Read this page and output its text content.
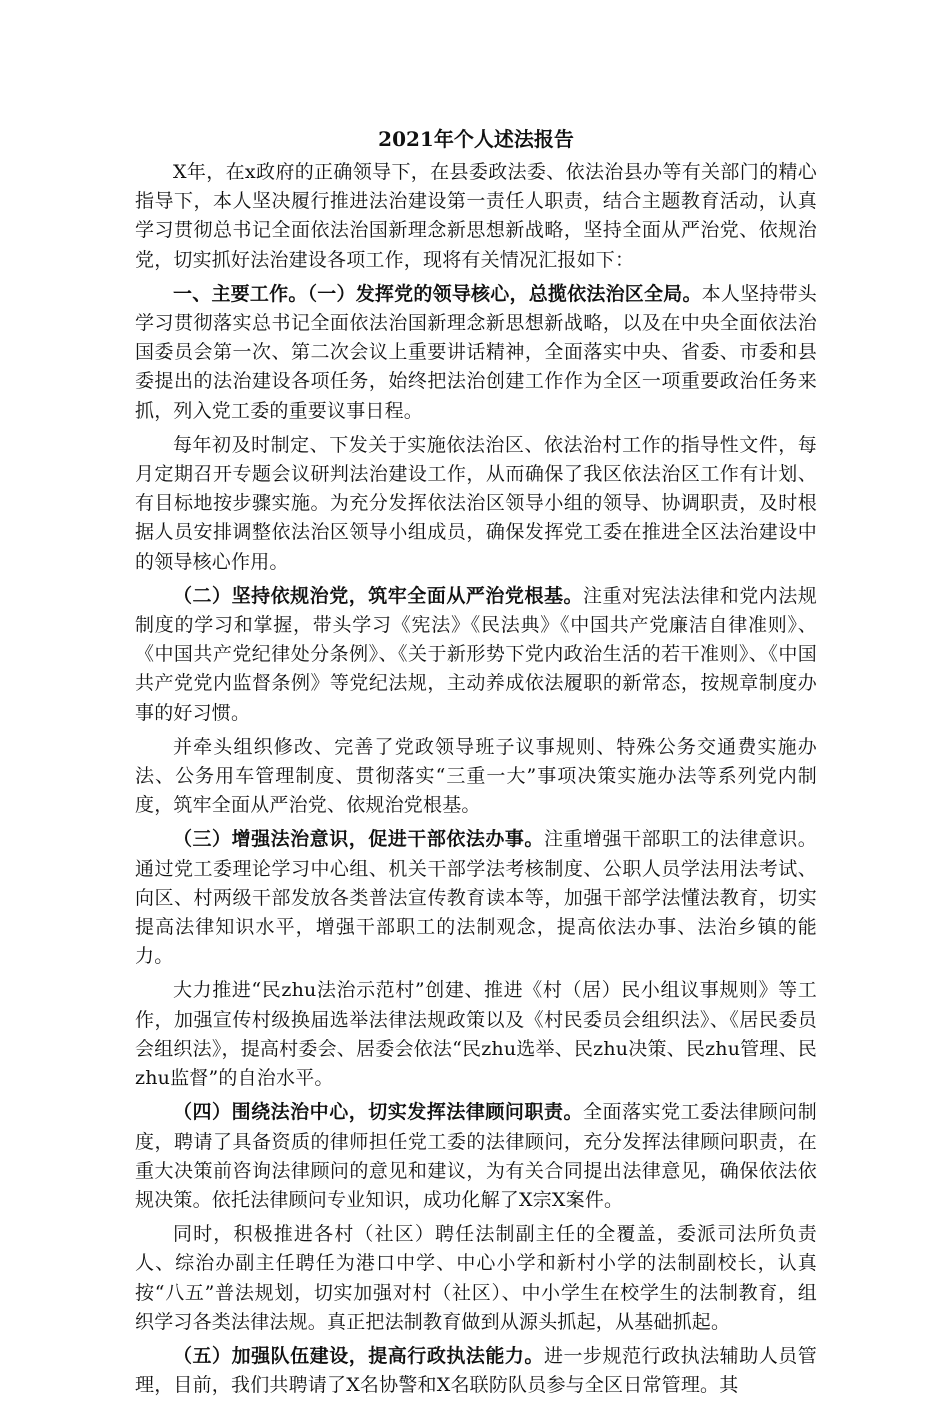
2021年个人述法报告

X年，在x政府的正确领导下，在县委政法委、依法治县办等有关部门的精心指导下，本人坚决履行推进法治建设第一责任人职责，结合主题教育活动，认真学习贯彻总书记全面依法治国新理念新思想新战略，坚持全面从严治党、依规治党，切实抓好法治建设各项工作，现将有关情况汇报如下：

一、主要工作。（一）发挥党的领导核心，总揽依法治区全局。本人坚持带头学习贯彻落实总书记全面依法治国新理念新思想新战略，以及在中央全面依法治国委员会第一次、第二次会议上重要讲话精神，全面落实中央、省委、市委和县委提出的法治建设各项任务，始终把法治创建工作作为全区一项重要政治任务来抓，列入党工委的重要议事日程。

每年初及时制定、下发关于实施依法治区、依法治村工作的指导性文件，每月定期召开专题会议研判法治建设工作，从而确保了我区依法治区工作有计划、有目标地按步骤实施。为充分发挥依法治区领导小组的领导、协调职责，及时根据人员安排调整依法治区领导小组成员，确保发挥党工委在推进全区法治建设中的领导核心作用。

（二）坚持依规治党，筑牢全面从严治党根基。注重对宪法法律和党内法规制度的学习和掌握，带头学习《宪法》《民法典》《中国共产党廉洁自律准则》、《中国共产党纪律处分条例》、《关于新形势下党内政治生活的若干准则》、《中国共产党党内监督条例》等党纪法规，主动养成依法履职的新常态，按规章制度办事的好习惯。

并牵头组织修改、完善了党政领导班子议事规则、特殊公务交通费实施办法、公务用车管理制度、贯彻落实“三重一大”事项决策实施办法等系列党内制度，筑牢全面从严治党、依规治党根基。

（三）增强法治意识，促进干部依法办事。注重增强干部职工的法律意识。通过党工委理论学习中心组、机关干部学法考核制度、公职人员学法用法考试、向区、村两级干部发放各类普法宣传教育读本等，加强干部学法懂法教育，切实提高法律知识水平，增强干部职工的法制观念，提高依法办事、法治乡镇的能力。

大力推进“民zhu法治示范村”创建、推进《村（居）民小组议事规则》等工作，加强宣传村级换届选举法律法规政策以及《村民委员会组织法》、《居民委员会组织法》，提高村委会、居委会依法“民zhu选举、民zhu决策、民zhu管理、民zhu监督”的自治水平。

（四）围绕法治中心，切实发挥法律顾问职责。全面落实党工委法律顾问制度，聘请了具备资质的律师担任党工委的法律顾问，充分发挥法律顾问职责，在重大决策前咨询法律顾问的意见和建议，为有关合同提出法律意见，确保依法依规决策。依托法律顾问专业知识，成功化解了X宗X案件。

同时，积极推进各村（社区）聘任法制副主任的全覆盖，委派司法所负责人、综治办副主任聘任为港口中学、中心小学和新村小学的法制副校长，认真按“八五”普法规划，切实加强对村（社区）、中小学生在校学生的法制教育，组织学习各类法律法规。真正把法制教育做到从源头抓起，从基础抓起。

（五）加强队伍建设，提高行政执法能力。进一步规范行政执法辅助人员管理，目前，我们共聘请了X名协警和X名联防队员参与全区日常管理。其
